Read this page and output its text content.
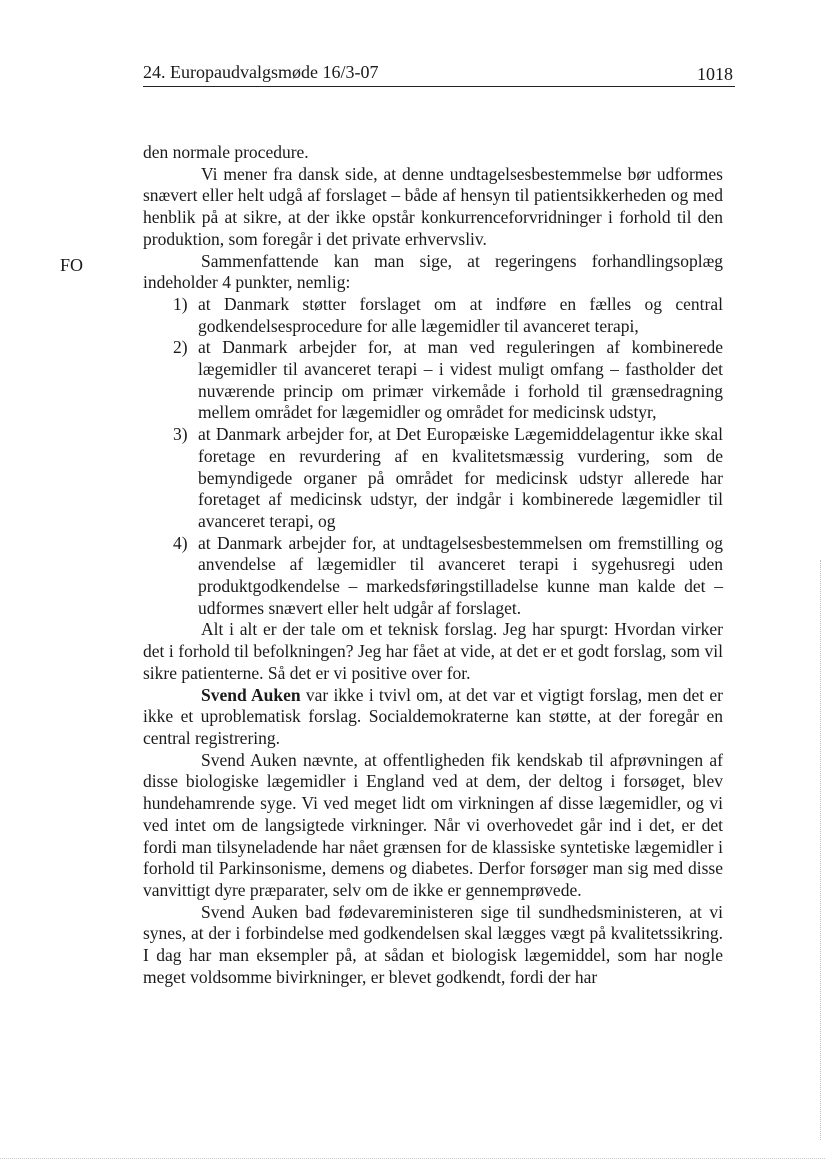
24. Europaudvalgsmøde 16/3-07	1018
FO

den normale procedure.

Vi mener fra dansk side, at denne undtagelsesbestemmelse bør udformes snævert eller helt udgå af forslaget – både af hensyn til patientsikkerheden og med henblik på at sikre, at der ikke opstår konkurrenceforvridninger i forhold til den produktion, som foregår i det private erhvervsliv.

Sammenfattende kan man sige, at regeringens forhandlingsoplæg indeholder 4 punkter, nemlig:

1) at Danmark støtter forslaget om at indføre en fælles og central godkendelsesprocedure for alle lægemidler til avanceret terapi,
2) at Danmark arbejder for, at man ved reguleringen af kombinerede lægemidler til avanceret terapi – i videst muligt omfang – fastholder det nuværende princip om primær virkemåde i forhold til grænsedragning mellem området for lægemidler og området for medicinsk udstyr,
3) at Danmark arbejder for, at Det Europæiske Lægemiddelagentur ikke skal foretage en revurdering af en kvalitetsmæssig vurdering, som de bemyndigede organer på området for medicinsk udstyr allerede har foretaget af medicinsk udstyr, der indgår i kombinerede lægemidler til avanceret terapi, og
4) at Danmark arbejder for, at undtagelsesbestemmelsen om fremstilling og anvendelse af lægemidler til avanceret terapi i sygehusregi uden produktgodkendelse – markedsføringstilladelse kunne man kalde det – udformes snævert eller helt udgår af forslaget.

Alt i alt er der tale om et teknisk forslag. Jeg har spurgt: Hvordan virker det i forhold til befolkningen? Jeg har fået at vide, at det er et godt forslag, som vil sikre patienterne. Så det er vi positive over for.

Svend Auken var ikke i tvivl om, at det var et vigtigt forslag, men det er ikke et uproblematisk forslag. Socialdemokraterne kan støtte, at der foregår en central registrering.

Svend Auken nævnte, at offentligheden fik kendskab til afprøvningen af disse biologiske lægemidler i England ved at dem, der deltog i forsøget, blev hundehamrende syge. Vi ved meget lidt om virkningen af disse lægemidler, og vi ved intet om de langsigtede virkninger. Når vi overhovedet går ind i det, er det fordi man tilsyneladende har nået grænsen for de klassiske syntetiske lægemidler i forhold til Parkinsonisme, demens og diabetes. Derfor forsøger man sig med disse vanvittigt dyre præparater, selv om de ikke er gennemprøvede.

Svend Auken bad fødevareministeren sige til sundhedsministeren, at vi synes, at der i forbindelse med godkendelsen skal lægges vægt på kvalitetssikring. I dag har man eksempler på, at sådan et biologisk lægemiddel, som har nogle meget voldsomme bivirkninger, er blevet godkendt, fordi der har
